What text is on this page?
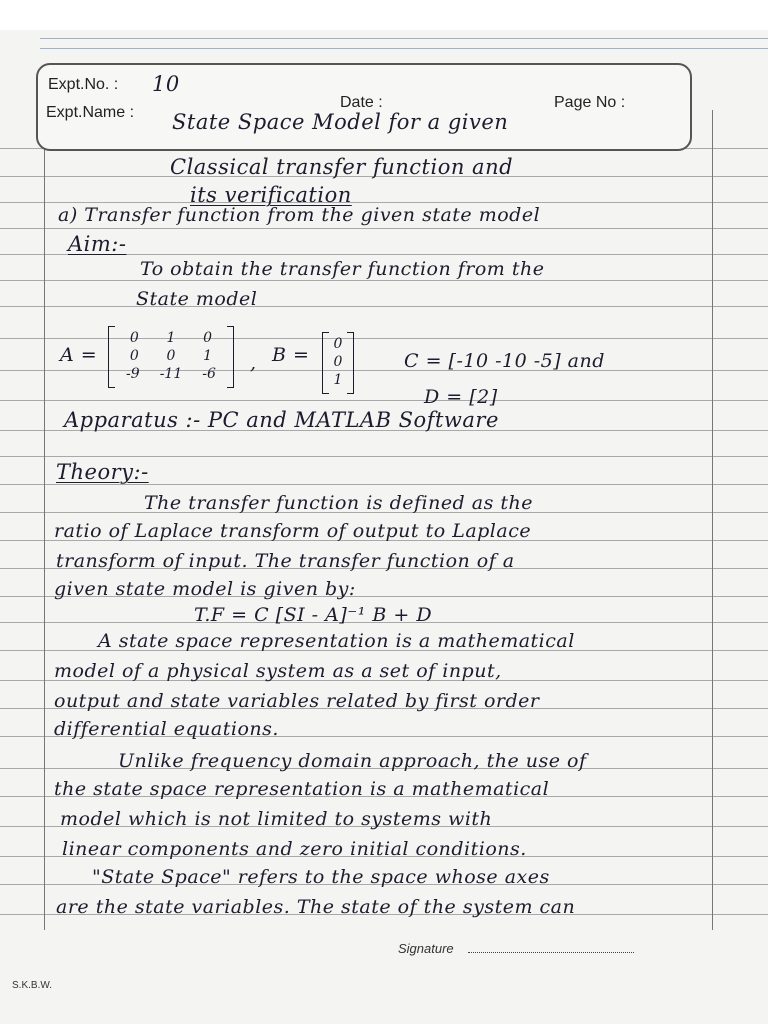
Expt.No. : 10
Date :	Page No :
Expt.Name : State Space Model for a given
Classical transfer function and
its verification
a) Transfer function from the given state model
Aim:-
To obtain the transfer function from the
State model
A =
0 1 0
0 0 1
-9 -11 -6 , B =	0
0
1
C = [-10 -10 -5] and
D = [2]
Apparatus :- PC and MATLAB Software
Theory:-
The transfer function is defined as the
ratio of Laplace transform of output to Laplace
transform of input. The transfer function of a
given state model is given by:
T.F = C [SI - A]⁻¹ B + D
A state space representation is a mathematical
model of a physical system as a set of input,
output and state variables related by first order
differential equations.
Unlike frequency domain approach, the use of
the state space representation is a mathematical
model which is not limited to systems with
linear components and zero initial conditions.
"State Space" refers to the space whose axes
are the state variables. The state of the system can
Signature
S.K.B.W.
